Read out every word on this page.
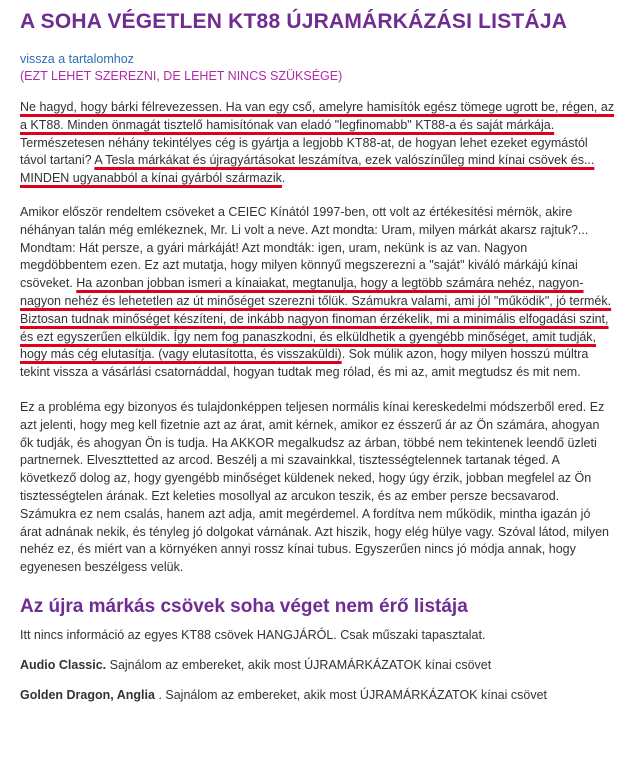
A SOHA VÉGETLEN KT88 ÚJRAMÁRKÁZÁSI LISTÁJA
vissza a tartalomhoz
(EZT LEHET SZEREZNI, DE LEHET NINCS SZÜKSÉGE)

Ne hagyd, hogy bárki félrevezessen. Ha van egy cső, amelyre hamisítók egész tömege ugrott be, régen, az a KT88. Minden önmagát tisztelő hamisítónak van eladó "legfinomabb" KT88-a és saját márkája. Természetesen néhány tekintélyes cég is gyártja a legjobb KT88-at, de hogyan lehet ezeket egymástól távol tartani? A Tesla márkákat és újragyártásokat leszámítva, ezek valószínűleg mind kínai csövek és... MINDEN ugyanabból a kínai gyárból származik.

Amikor először rendeltem csöveket a CEIEC Kínától 1997-ben, ott volt az értékesítési mérnök, akire néhányan talán még emlékeznek, Mr. Li volt a neve. Azt mondta: Uram, milyen márkát akarsz rajtuk?... Mondtam: Hát persze, a gyári márkáját! Azt mondták: igen, uram, nekünk is az van. Nagyon megdöbbentem ezen. Ez azt mutatja, hogy milyen könnyű megszerezni a "saját" kiváló márkájú kínai csöveket. Ha azonban jobban ismeri a kínaiakat, megtanulja, hogy a legtöbb számára nehéz, nagyon-nagyon nehéz és lehetetlen az út minőséget szerezni tőlük. Számukra valami, ami jól "működik", jó termék. Biztosan tudnak minőséget készíteni, de inkább nagyon finoman érzékelik, mi a minimális elfogadási szint, és ezt egyszerűen elküldik. Így nem fog panaszkodni, és elküldhetik a gyengébb minőséget, amit tudják, hogy más cég elutasítja. (vagy elutasította, és visszaküldi). Sok múlik azon, hogy milyen hosszú múltra tekint vissza a vásárlási csatornáddal, hogyan tudtak meg rólad, és mi az, amit megtudsz és mit nem.

Ez a probléma egy bizonyos és tulajdonképpen teljesen normális kínai kereskedelmi módszerből ered. Ez azt jelenti, hogy meg kell fizetnie azt az árat, amit kérnek, amikor ez ésszerű ár az Ön számára, ahogyan ők tudják, és ahogyan Ön is tudja. Ha AKKOR megalkudsz az árban, többé nem tekintenek leendő üzleti partnernek. Elveszttetted az arcod. Beszélj a mi szavainkkal, tisztességtelennek tartanak téged. A következő dolog az, hogy gyengébb minőséget küldenek neked, hogy úgy érzik, jobban megfelel az Ön tisztességtelen árának. Ezt keleties mosollyal az arcukon teszik, és az ember persze becsavarod. Számukra ez nem csalás, hanem azt adja, amit megérdemel. A fordítva nem működik, mintha igazán jó árat adnának nekik, és tényleg jó dolgokat várnának. Azt hiszik, hogy elég hülye vagy. Szóval látod, milyen nehéz ez, és miért van a környéken annyi rossz kínai tubus. Egyszerűen nincs jó módja annak, hogy egyenesen beszélgess velük.

Az újra márkás csövek soha véget nem érő listája

Itt nincs információ az egyes KT88 csövek HANGJÁRÓL. Csak műszaki tapasztalat.

Audio Classic. Sajnálom az embereket, akik most ÚJRAMÁRKÁZATOK kínai csövet

Golden Dragon, Anglia . Sajnálom az embereket, akik most ÚJRAMÁRKÁZATOK kínai csövet
